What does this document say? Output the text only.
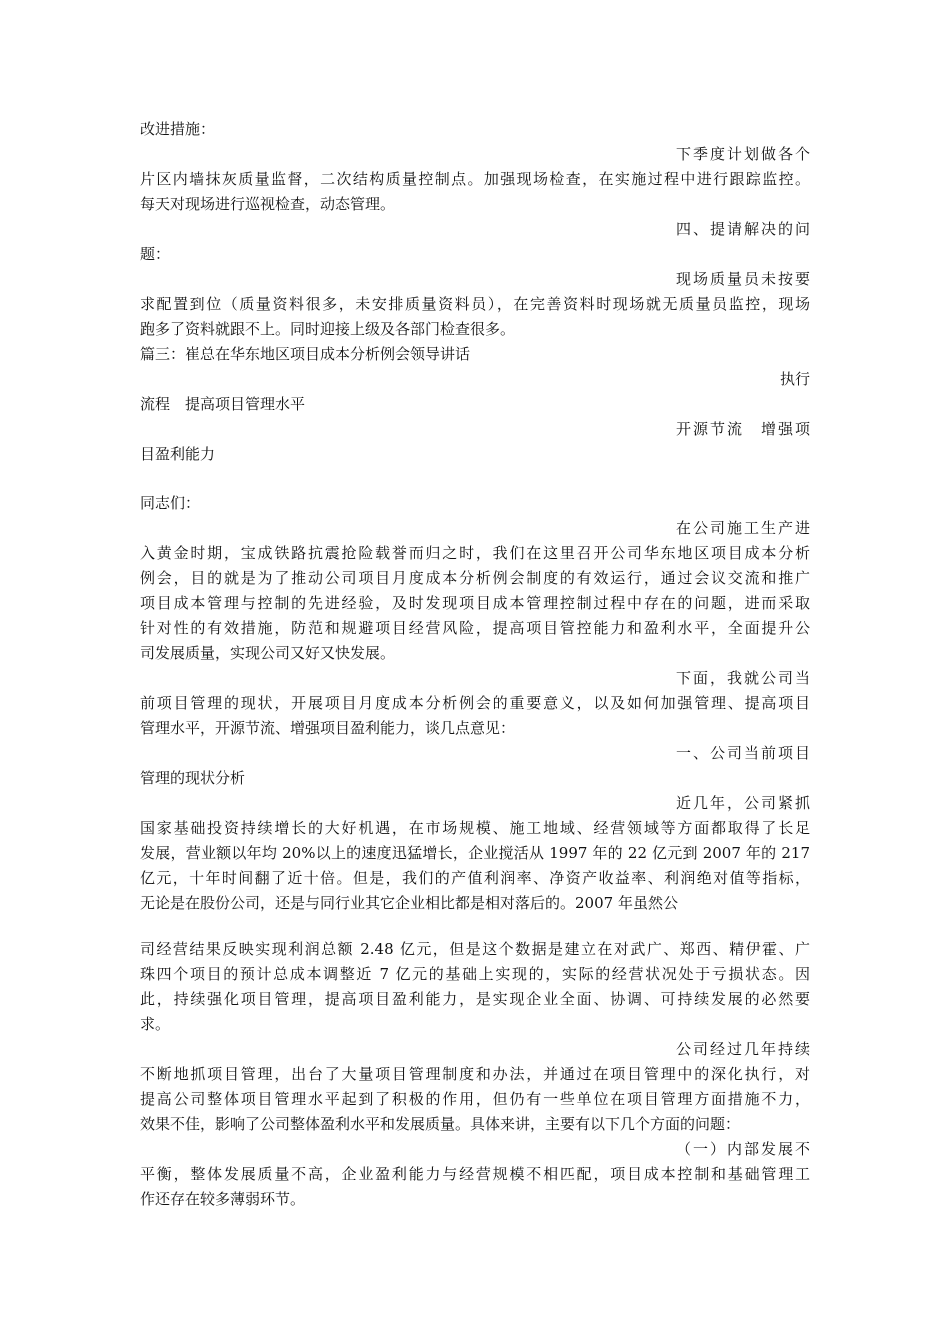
改进措施：
下季度计划做各个
片区内墙抹灰质量监督，二次结构质量控制点。加强现场检查，在实施过程中进行跟踪监控。
每天对现场进行巡视检查，动态管理。
四、提请解决的问
题：
现场质量员未按要
求配置到位（质量资料很多，未安排质量资料员），在完善资料时现场就无质量员监控，现场
跑多了资料就跟不上。同时迎接上级及各部门检查很多。
篇三：崔总在华东地区项目成本分析例会领导讲话
执行
流程　提高项目管理水平
开源节流　增强项
目盈利能力
同志们：
在公司施工生产进
入黄金时期，宝成铁路抗震抢险载誉而归之时，我们在这里召开公司华东地区项目成本分析
例会，目的就是为了推动公司项目月度成本分析例会制度的有效运行，通过会议交流和推广
项目成本管理与控制的先进经验，及时发现项目成本管理控制过程中存在的问题，进而采取
针对性的有效措施，防范和规避项目经营风险，提高项目管控能力和盈利水平，全面提升公
司发展质量，实现公司又好又快发展。
下面，我就公司当
前项目管理的现状，开展项目月度成本分析例会的重要意义，以及如何加强管理、提高项目
管理水平，开源节流、增强项目盈利能力，谈几点意见：
一、公司当前项目
管理的现状分析
近几年，公司紧抓
国家基础投资持续增长的大好机遇，在市场规模、施工地域、经营领域等方面都取得了长足
发展，营业额以年均 20%以上的速度迅猛增长，企业搅活从 1997 年的 22 亿元到 2007 年的 217
亿元，十年时间翻了近十倍。但是，我们的产值利润率、净资产收益率、利润绝对值等指标，
无论是在股份公司，还是与同行业其它企业相比都是相对落后的。2007 年虽然公
司经营结果反映实现利润总额 2.48 亿元，但是这个数据是建立在对武广、郑西、精伊霍、广
珠四个项目的预计总成本调整近 7 亿元的基础上实现的，实际的经营状况处于亏损状态。因
此，持续强化项目管理，提高项目盈利能力，是实现企业全面、协调、可持续发展的必然要
求。
公司经过几年持续
不断地抓项目管理，出台了大量项目管理制度和办法，并通过在项目管理中的深化执行，对
提高公司整体项目管理水平起到了积极的作用，但仍有一些单位在项目管理方面措施不力，
效果不佳，影响了公司整体盈利水平和发展质量。具体来讲，主要有以下几个方面的问题：
（一）内部发展不
平衡，整体发展质量不高，企业盈利能力与经营规模不相匹配，项目成本控制和基础管理工
作还存在较多薄弱环节。
